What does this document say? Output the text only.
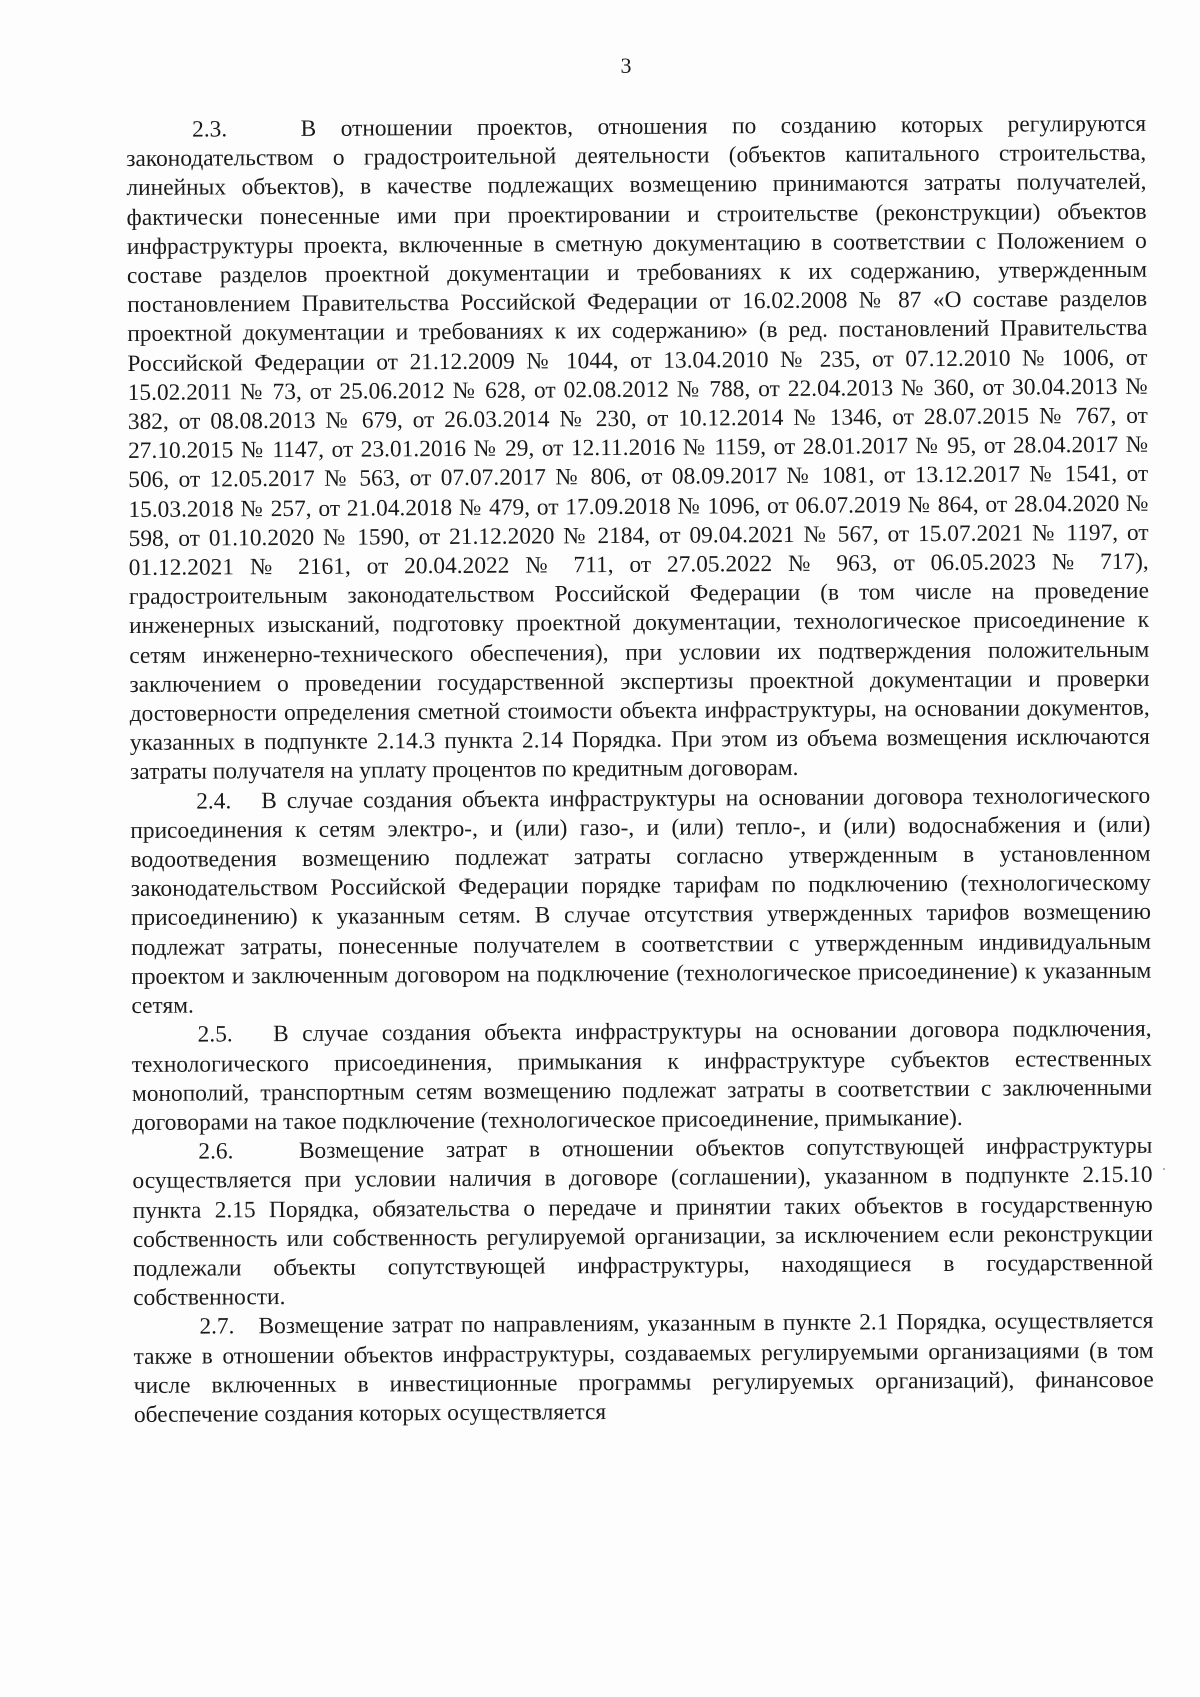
3

2.3.	В отношении проектов, отношения по созданию которых регулируются законодательством о градостроительной деятельности (объектов капитального строительства, линейных объектов), в качестве подлежащих возмещению принимаются затраты получателей, фактически понесенные ими при проектировании и строительстве (реконструкции) объектов инфраструктуры проекта, включенные в сметную документацию в соответствии с Положением о составе разделов проектной документации и требованиях к их содержанию, утвержденным постановлением Правительства Российской Федерации от 16.02.2008 № 87 «О составе разделов проектной документации и требованиях к их содержанию» (в ред. постановлений Правительства Российской Федерации от 21.12.2009 № 1044, от 13.04.2010 № 235, от 07.12.2010 № 1006, от 15.02.2011 № 73, от 25.06.2012 № 628, от 02.08.2012 № 788, от 22.04.2013 № 360, от 30.04.2013 № 382, от 08.08.2013 № 679, от 26.03.2014 № 230, от 10.12.2014 № 1346, от 28.07.2015 № 767, от 27.10.2015 № 1147, от 23.01.2016 № 29, от 12.11.2016 № 1159, от 28.01.2017 № 95, от 28.04.2017 № 506, от 12.05.2017 № 563, от 07.07.2017 № 806, от 08.09.2017 № 1081, от 13.12.2017 № 1541, от 15.03.2018 № 257, от 21.04.2018 № 479, от 17.09.2018 № 1096, от 06.07.2019 № 864, от 28.04.2020 № 598, от 01.10.2020 № 1590, от 21.12.2020 № 2184, от 09.04.2021 № 567, от 15.07.2021 № 1197, от 01.12.2021 № 2161, от 20.04.2022 № 711, от 27.05.2022 № 963, от 06.05.2023 № 717), градостроительным законодательством Российской Федерации (в том числе на проведение инженерных изысканий, подготовку проектной документации, технологическое присоединение к сетям инженерно-технического обеспечения), при условии их подтверждения положительным заключением о проведении государственной экспертизы проектной документации и проверки достоверности определения сметной стоимости объекта инфраструктуры, на основании документов, указанных в подпункте 2.14.3 пункта 2.14 Порядка. При этом из объема возмещения исключаются затраты получателя на уплату процентов по кредитным договорам.

2.4. В случае создания объекта инфраструктуры на основании договора технологического присоединения к сетям электро-, и (или) газо-, и (или) тепло-, и (или) водоснабжения и (или) водоотведения возмещению подлежат затраты согласно утвержденным в установленном законодательством Российской Федерации порядке тарифам по подключению (технологическому присоединению) к указанным сетям. В случае отсутствия утвержденных тарифов возмещению подлежат затраты, понесенные получателем в соответствии с утвержденным индивидуальным проектом и заключенным договором на подключение (технологическое присоединение) к указанным сетям.

2.5. В случае создания объекта инфраструктуры на основании договора подключения, технологического присоединения, примыкания к инфраструктуре субъектов естественных монополий, транспортным сетям возмещению подлежат затраты в соответствии с заключенными договорами на такое подключение (технологическое присоединение, примыкание).

2.6.	Возмещение затрат в отношении объектов сопутствующей инфраструктуры осуществляется при условии наличия в договоре (соглашении), указанном в подпункте 2.15.10 пункта 2.15 Порядка, обязательства о передаче и принятии таких объектов в государственную собственность или собственность регулируемой организации, за исключением если реконструкции подлежали объекты сопутствующей инфраструктуры, находящиеся в государственной собственности.

2.7. Возмещение затрат по направлениям, указанным в пункте 2.1 Порядка, осуществляется также в отношении объектов инфраструктуры, создаваемых регулируемыми организациями (в том числе включенных в инвестиционные программы регулируемых организаций), финансовое обеспечение создания которых осуществляется
